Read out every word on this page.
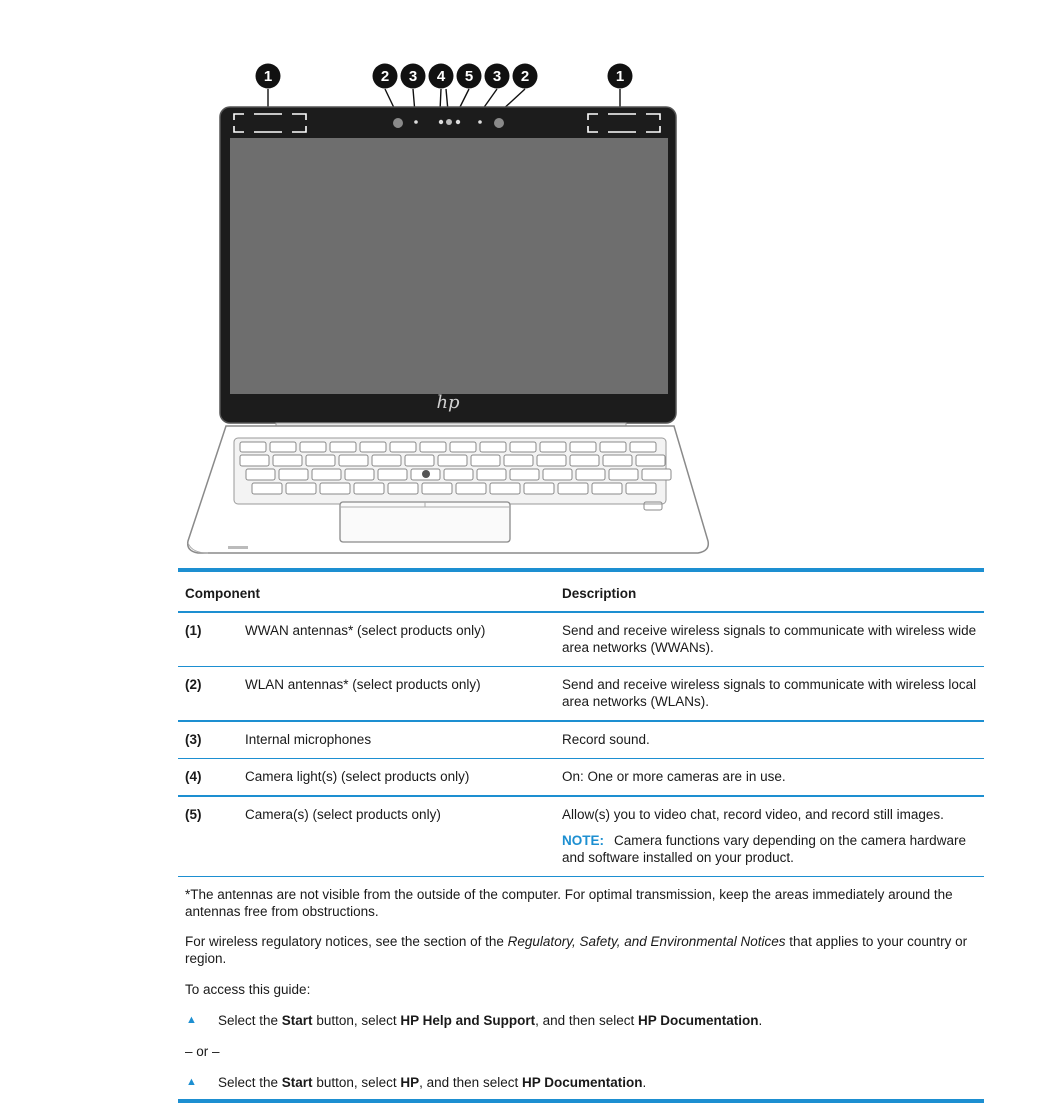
1	2 3 4 5 3 2	1
hp
Component	Description
(1)	WWAN antennas* (select products only)	Send and receive wireless signals to communicate with wireless wide area networks (WWANs).
(2)	WLAN antennas* (select products only)	Send and receive wireless signals to communicate with wireless local area networks (WLANs).
(3)	Internal microphones	Record sound.
(4)	Camera light(s) (select products only)	On: One or more cameras are in use.
(5)	Camera(s) (select products only)	Allow(s) you to video chat, record video, and record still images.
NOTE: Camera functions vary depending on the camera hardware and software installed on your product.
*The antennas are not visible from the outside of the computer. For optimal transmission, keep the areas immediately around the antennas free from obstructions.
For wireless regulatory notices, see the section of the Regulatory, Safety, and Environmental Notices that applies to your country or region.
To access this guide:
▲	Select the Start button, select HP Help and Support, and then select HP Documentation.
– or –
▲	Select the Start button, select HP, and then select HP Documentation.
